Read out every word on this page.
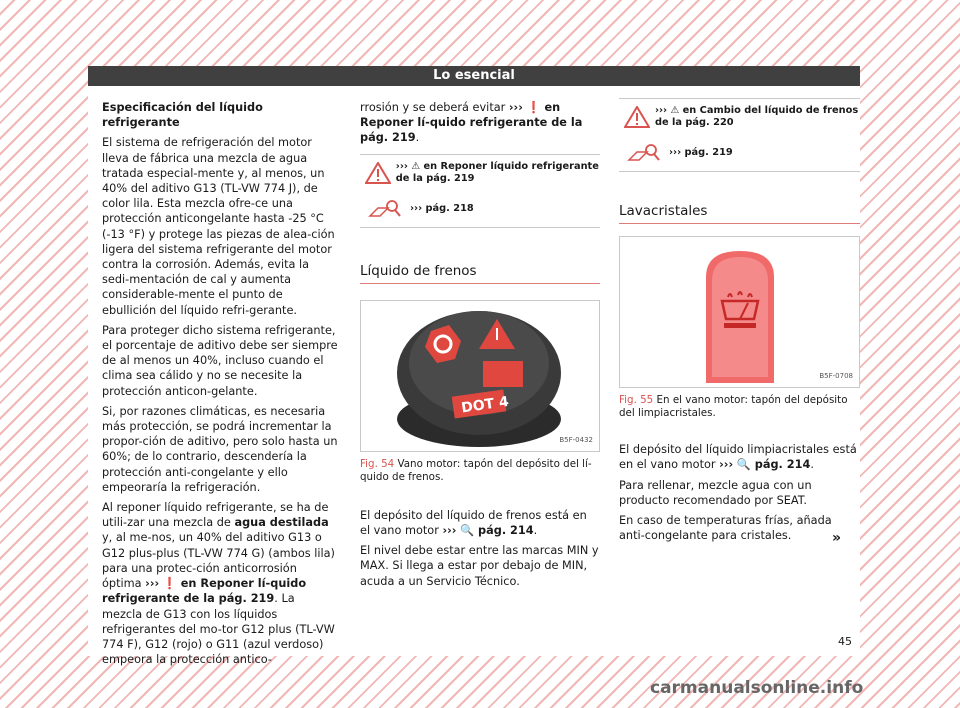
Lo esencial

Especificación del líquido refrigerante

El sistema de refrigeración del motor lleva de fábrica una mezcla de agua tratada especial-mente y, al menos, un 40% del aditivo G13 (TL-VW 774 J), de color lila. Esta mezcla ofre-ce una protección anticongelante hasta -25 °C (-13 °F) y protege las piezas de alea-ción ligera del sistema refrigerante del motor contra la corrosión. Además, evita la sedi-mentación de cal y aumenta considerable-mente el punto de ebullición del líquido refri-gerante.

Para proteger dicho sistema refrigerante, el porcentaje de aditivo debe ser siempre de al menos un 40%, incluso cuando el clima sea cálido y no se necesite la protección anticon-gelante.

Si, por razones climáticas, es necesaria más protección, se podrá incrementar la propor-ción de aditivo, pero solo hasta un 60%; de lo contrario, descendería la protección anti-congelante y ello empeoraría la refrigeración.

Al reponer líquido refrigerante, se ha de utili-zar una mezcla de agua destilada y, al me-nos, un 40% del aditivo G13 o G12 plus-plus (TL-VW 774 G) (ambos lila) para una protec-ción anticorrosión óptima ››› ❗ en Reponer lí-quido refrigerante de la pág. 219. La mezcla de G13 con los líquidos refrigerantes del mo-tor G12 plus (TL-VW 774 F), G12 (rojo) o G11 (azul verdoso) empeora la protección antico-

rrosión y se deberá evitar ››› ❗ en Reponer lí-quido refrigerante de la pág. 219.

››› ⚠ en Reponer líquido refrigerante de la pág. 219
››› pág. 218
Líquido de frenos
DOT 4
B5F-0432
Fig. 54 Vano motor: tapón del depósito del lí-quido de frenos.

El depósito del líquido de frenos está en el vano motor ››› 🔍 pág. 214.

El nivel debe estar entre las marcas MIN y MAX. Si llega a estar por debajo de MIN, acuda a un Servicio Técnico.

››› ⚠ en Cambio del líquido de frenos de la pág. 220
››› pág. 219
Lavacristales
B5F-0708
Fig. 55 En el vano motor: tapón del depósito del limpiacristales.

El depósito del líquido limpiacristales está en el vano motor ››› 🔍 pág. 214.

Para rellenar, mezcle agua con un producto recomendado por SEAT.

En caso de temperaturas frías, añada anti-congelante para cristales.	»
45
carmanualsonline.info
